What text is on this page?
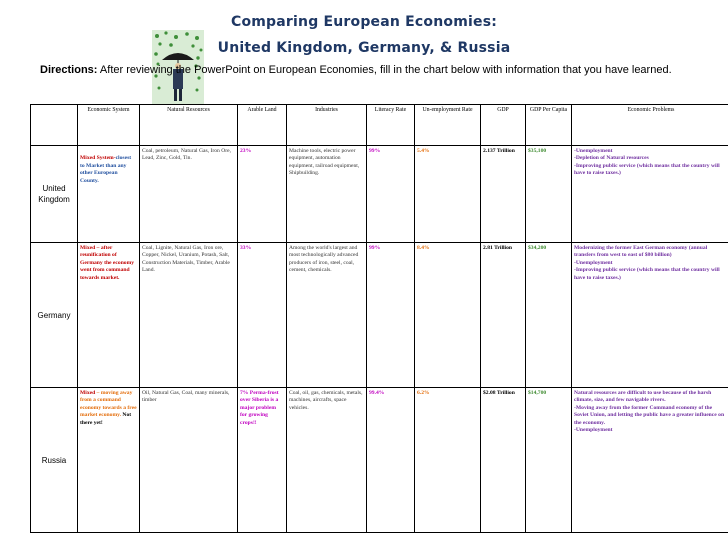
Comparing European Economies:
United Kingdom, Germany, & Russia
Directions: After reviewing the PowerPoint on European Economies, fill in the chart below with information that you have learned.
	Economic System	Natural Resources	Arable Land	Industries	Literacy Rate	Un-employment Rate	GDP	GDP Per Capita	Economic Problems
United Kingdom	Mixed System-closest to Market than any other European County.	Coal, petroleum, Natural Gas, Iron Ore, Lead, Zinc, Gold, Tin.	23%	Machine tools, electric power equipment, automation equipment, railroad equipment, Shipbuilding.	99%	5.4%	2.137 Trillion	$35,100	-Unemployment
-Depletion of Natural resources
-Improving public service (which means that the country will have to raise taxes.)

Germany	Mixed – after reunification of Germany the economy went from command towards market.	Coal, Lignite, Natural Gas, Iron ore, Copper, Nickel, Uranium, Potash, Salt, Construction Materials, Timber, Arable Land.	33%	Among the world's largest and most technologically advanced producers of iron, steel, coal, cement, chemicals.	99%	8.4%	2.81 Trillion	$34,200	Modernizing the former East German economy (annual transfers from west to east of $80 billion)
-Unemployment
-Improving public service (which means that the country will have to raise taxes.)

Russia	Mixed – moving away from a command economy towards a free market economy. Not there yet!	Oil, Natural Gas, Coal, many minerals, timber	7% Perma-frost over Siberia is a major problem for growing crops!!	Coal, oil, gas, chemicals, metals, machines, aircrafts, space vehicles.	99.4%	6.2%	$2.08 Trillion	$14,700	Natural resources are difficult to use because of the harsh climate, size, and few navigable rivers.
-Moving away from the former Command economy of the Soviet Union, and letting the public have a greater influence on the economy.
-Unemployment
